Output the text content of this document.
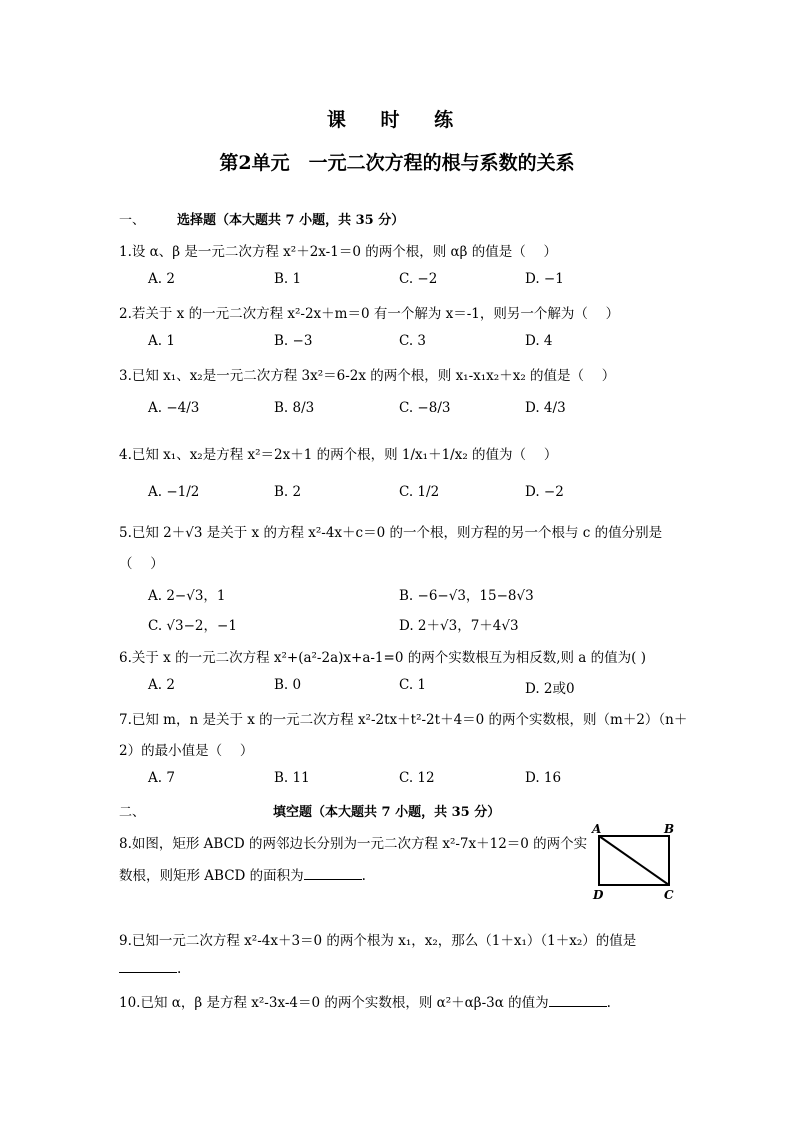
课 时 练
第2单元　一元二次方程的根与系数的关系
一、 选择题（本大题共 7 小题，共 35 分）
1.设 α、β 是一元二次方程 x²＋2x-1＝0 的两个根，则 αβ 的值是（　 ）
A. 2	B. 1	C. −2	D. −1
2.若关于 x 的一元二次方程 x²-2x＋m＝0 有一个解为 x＝-1，则另一个解为（　 ）
A. 1	B. −3	C. 3	D. 4
3.已知 x₁、x₂是一元二次方程 3x²＝6-2x 的两个根，则 x₁-x₁x₂＋x₂ 的值是（　 ）
A. −4/3	B. 8/3	C. −8/3	D. 4/3
4.已知 x₁、x₂是方程 x²＝2x＋1 的两个根，则 1/x₁＋1/x₂ 的值为（　 ）
A. −1/2	B. 2	C. 1/2	D. −2
5.已知 2＋√3 是关于 x 的方程 x²-4x＋c＝0 的一个根，则方程的另一个根与 c 的值分别是
（　 ）
A. 2−√3，1	B. −6−√3，15−8√3
C. √3−2，−1	D. 2＋√3，7＋4√3
6.关于 x 的一元二次方程 x²+(a²-2a)x+a-1=0 的两个实数根互为相反数,则 a 的值为( )
A. 2	B. 0	C. 1	D. 2或0
7.已知 m，n 是关于 x 的一元二次方程 x²-2tx＋t²-2t＋4＝0 的两个实数根，则（m＋2）（n＋
2）的最小值是（　 ）
A. 7	B. 11	C. 12	D. 16
二、	填空题（本大题共 7 小题，共 35 分）
8.如图，矩形 ABCD 的两邻边长分别为一元二次方程 x²-7x＋12＝0 的两个实
数根，则矩形 ABCD 的面积为	.
A	B
C
D
9.已知一元二次方程 x²-4x＋3＝0 的两个根为 x₁，x₂，那么（1＋x₁）（1＋x₂）的值是
.
10.已知 α，β 是方程 x²-3x-4＝0 的两个实数根，则 α²＋αβ-3α 的值为	.
